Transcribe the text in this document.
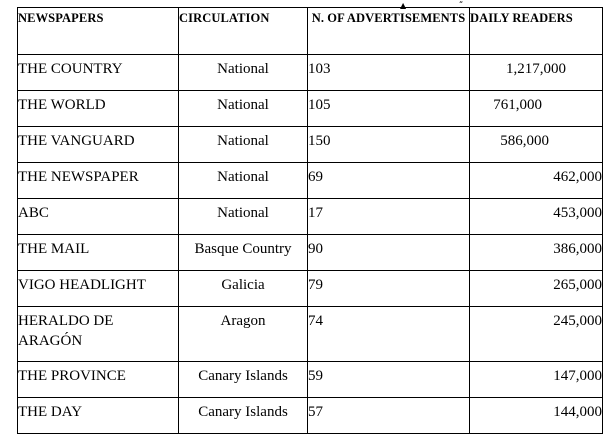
▲	“
NEWSPAPERS	CIRCULATION	N. OF ADVERTISEMENTS	DAILY READERS
THE COUNTRY	National	103	1,217,000
THE WORLD	National	105	761,000
THE VANGUARD	National	150	586,000
THE NEWSPAPER	National	69	462,000
ABC	National	17	453,000
THE MAIL	Basque Country	90	386,000
VIGO HEADLIGHT	Galicia	79	265,000
HERALDO DE ARAGÓN	Aragon	74	245,000
THE PROVINCE	Canary Islands	59	147,000
THE DAY	Canary Islands	57	144,000
